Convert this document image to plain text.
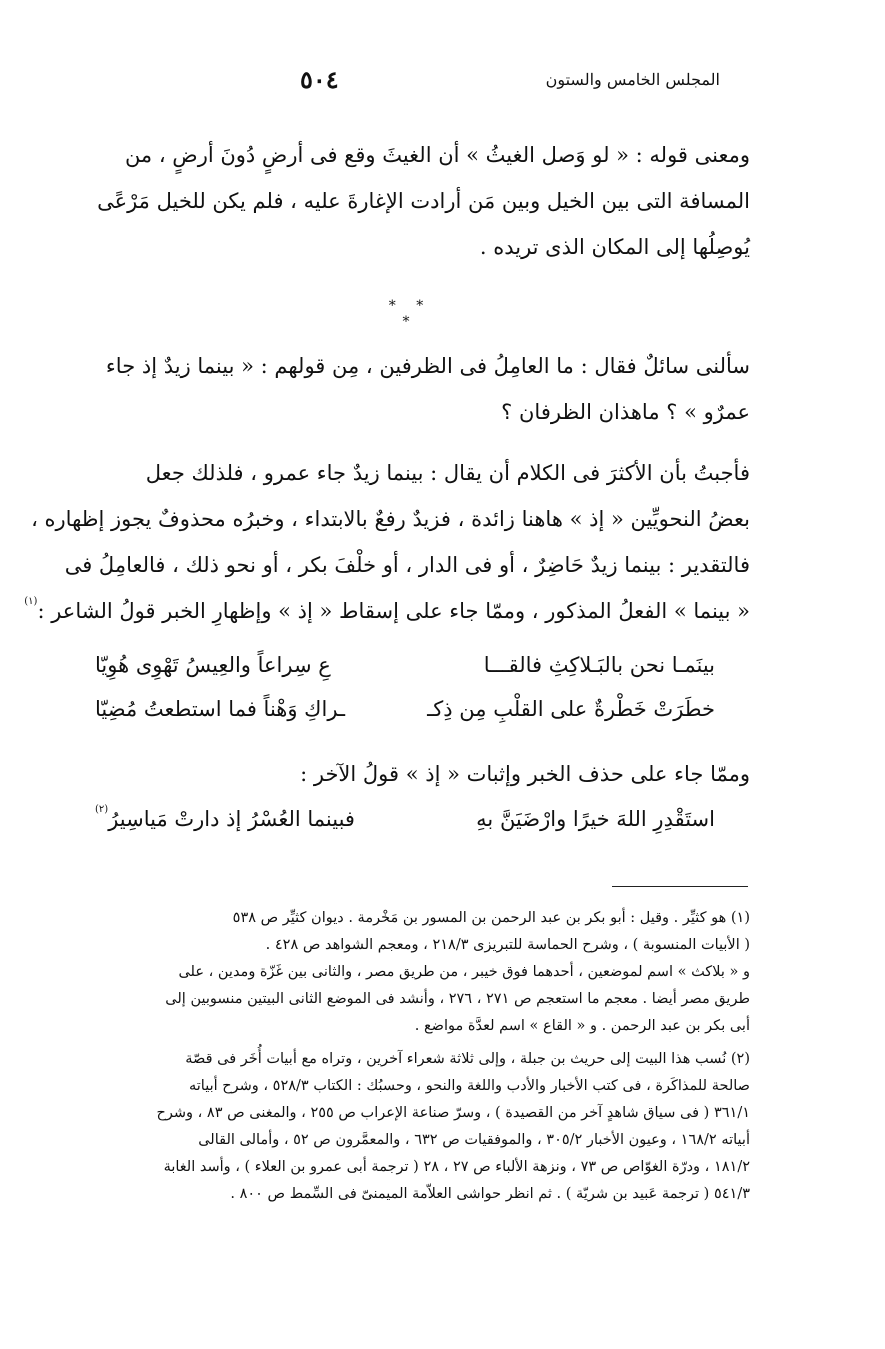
٥٠٤	المجلس الخامس والستون

ومعنى قوله : « لو وَصل الغيثُ » أن الغيثَ وقع فى أرضٍ دُونَ أرضٍ ، من
المسافة التى بين الخيل وبين مَن أرادت الإغارةَ عليه ، فلم يكن للخيل مَرْعًى
يُوصِلُها إلى المكان الذى تريده .

* * *

سألنى سائلٌ فقال : ما العامِلُ فى الظرفين ، مِن قولهم : « بينما زيدٌ إذ جاء
عمرٌو » ؟ ماهذان الظرفان ؟

فأجبتُ بأن الأكثرَ فى الكلام أن يقال : بينما زيدٌ جاء عمرو ، فلذلك جعل
بعضُ النحويِّين « إذ » هاهنا زائدة ، فزيدٌ رفعٌ بالابتداء ، وخبرُه محذوفٌ يجوز إظهاره ،
فالتقدير : بينما زيدٌ حَاضِرٌ ، أو فى الدار ، أو خلْفَ بكر ، أو نحو ذلك ، فالعامِلُ فى
« بينما » الفعلُ المذكور ، وممّا جاء على إسقاط « إذ » وإظهارِ الخبر قولُ الشاعر :$^{(١)}$

بينَمـا نحن بالبَـلاكِثِ فالقـــا
عِ سِراعاً والعِيسُ تَهْوِى هُوِيّا
خطَرَتْ خَطْرةٌ على القلْبِ مِن ذِكـ
ـراكِ وَهْناً فما استطعتُ مُضِيّا
وممّا جاء على حذف الخبر وإثبات « إذ » قولُ الآخر :
استَقْدِرِ اللهَ خيرًا وارْضَيَنَّ بهِ
فبينما العُسْرُ إذ دارتْ مَياسِيرُ$^{(٢)}$
(١) هو كثيِّر . وقيل : أبو بكر بن عبد الرحمن بن المسور بن مَخْرمة . ديوان كثيِّر ص ٥٣٨
( الأبيات المنسوبة ) ، وشرح الحماسة للتبريزى ٢١٨/٣ ، ومعجم الشواهد ص ٤٢٨ .
و « بلاكث » اسم لموضعين ، أحدهما فوق خيبر ، من طريق مصر ، والثانى بين غَزّة ومدين ، على
طريق مصر أيضا . معجم ما استعجم ص ٢٧١ ، ٢٧٦ ، وأنشد فى الموضع الثانى البيتين منسوبين إلى
أبى بكر بن عبد الرحمن . و « القاع » اسم لعدَّة مواضع .
(٢) نُسب هذا البيت إلى حريث بن جبلة ، وإلى ثلاثة شعراء آخرين ، وتراه مع أبيات أُخَر فى قصّة
صالحة للمذاكَرة ، فى كتب الأخبار والأدب واللغة والنحو ، وحسبُك : الكتاب ٥٢٨/٣ ، وشرح أبياته
٣٦١/١ ( فى سياق شاهدٍ آخر من القصيدة ) ، وسرّ صناعة الإعراب ص ٢٥٥ ، والمغنى ص ٨٣ ، وشرح
أبياته ١٦٨/٢ ، وعيون الأخبار ٣٠٥/٢ ، والموفقيات ص ٦٣٢ ، والمعمَّرون ص ٥٢ ، وأمالى القالى
١٨١/٢ ، ودرّة الغوّاص ص ٧٣ ، ونزهة الألباء ص ٢٧ ، ٢٨ ( ترجمة أبى عمرو بن العلاء ) ، وأسد الغابة
٥٤١/٣ ( ترجمة عَبيد بن شريّة ) . ثم انظر حواشى العلاّمة الميمنىّ فى السِّمط ص ٨٠٠ .
